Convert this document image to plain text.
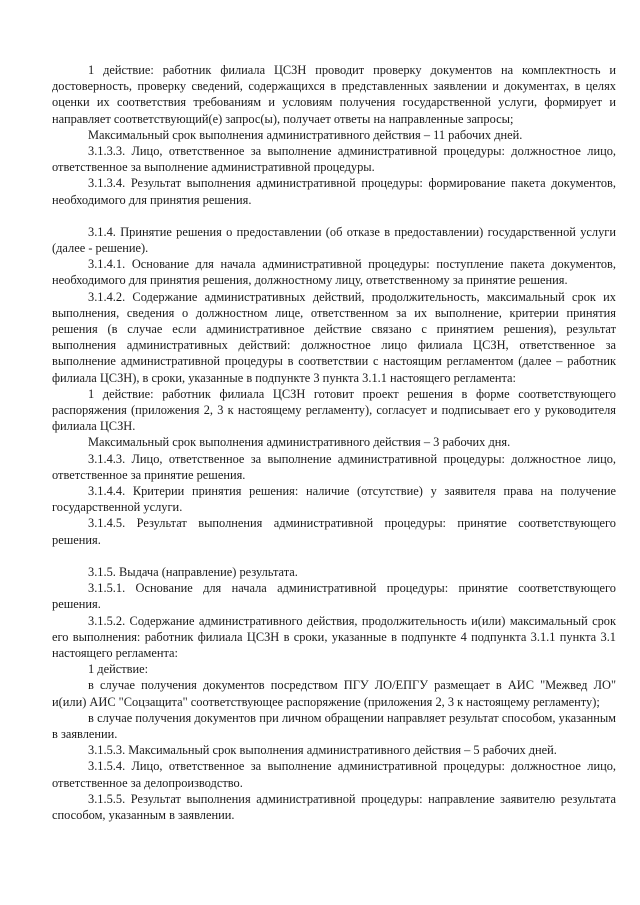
1 действие: работник филиала ЦСЗН проводит проверку документов на комплектность и достоверность, проверку сведений, содержащихся в представленных заявлении и документах, в целях оценки их соответствия требованиям и условиям получения государственной услуги, формирует и направляет соответствующий(е) запрос(ы), получает ответы на направленные запросы;

Максимальный срок выполнения административного действия – 11 рабочих дней.

3.1.3.3. Лицо, ответственное за выполнение административной процедуры: должностное лицо, ответственное за выполнение административной процедуры.

3.1.3.4. Результат выполнения административной процедуры: формирование пакета документов, необходимого для принятия решения.

3.1.4. Принятие решения о предоставлении (об отказе в предоставлении) государственной услуги (далее - решение).

3.1.4.1. Основание для начала административной процедуры: поступление пакета документов, необходимого для принятия решения, должностному лицу, ответственному за принятие решения.

3.1.4.2. Содержание административных действий, продолжительность, максимальный срок их выполнения, сведения о должностном лице, ответственном за их выполнение, критерии принятия решения (в случае если административное действие связано с принятием решения), результат выполнения административных действий: должностное лицо филиала ЦСЗН, ответственное за выполнение административной процедуры в соответствии с настоящим регламентом (далее – работник филиала ЦСЗН), в сроки, указанные в подпункте 3 пункта 3.1.1 настоящего регламента:

1 действие: работник филиала ЦСЗН готовит проект решения в форме соответствующего распоряжения (приложения 2, 3 к настоящему регламенту), согласует и подписывает его у руководителя филиала ЦСЗН.

Максимальный срок выполнения административного действия – 3 рабочих дня.

3.1.4.3. Лицо, ответственное за выполнение административной процедуры: должностное лицо, ответственное за принятие решения.

3.1.4.4. Критерии принятия решения: наличие (отсутствие) у заявителя права на получение государственной услуги.

3.1.4.5. Результат выполнения административной процедуры: принятие соответствующего решения.

3.1.5. Выдача (направление) результата.

3.1.5.1. Основание для начала административной процедуры: принятие соответствующего решения.

3.1.5.2. Содержание административного действия, продолжительность и(или) максимальный срок его выполнения: работник филиала ЦСЗН в сроки, указанные в подпункте 4 подпункта 3.1.1 пункта 3.1 настоящего регламента:

1 действие:

в случае получения документов посредством ПГУ ЛО/ЕПГУ размещает в АИС "Межвед ЛО" и(или) АИС "Соцзащита" соответствующее распоряжение (приложения 2, 3 к настоящему регламенту);

в случае получения документов при личном обращении направляет результат способом, указанным в заявлении.

3.1.5.3. Максимальный срок выполнения административного действия – 5 рабочих дней.

3.1.5.4. Лицо, ответственное за выполнение административной процедуры: должностное лицо, ответственное за делопроизводство.

3.1.5.5. Результат выполнения административной процедуры: направление заявителю результата способом, указанным в заявлении.
